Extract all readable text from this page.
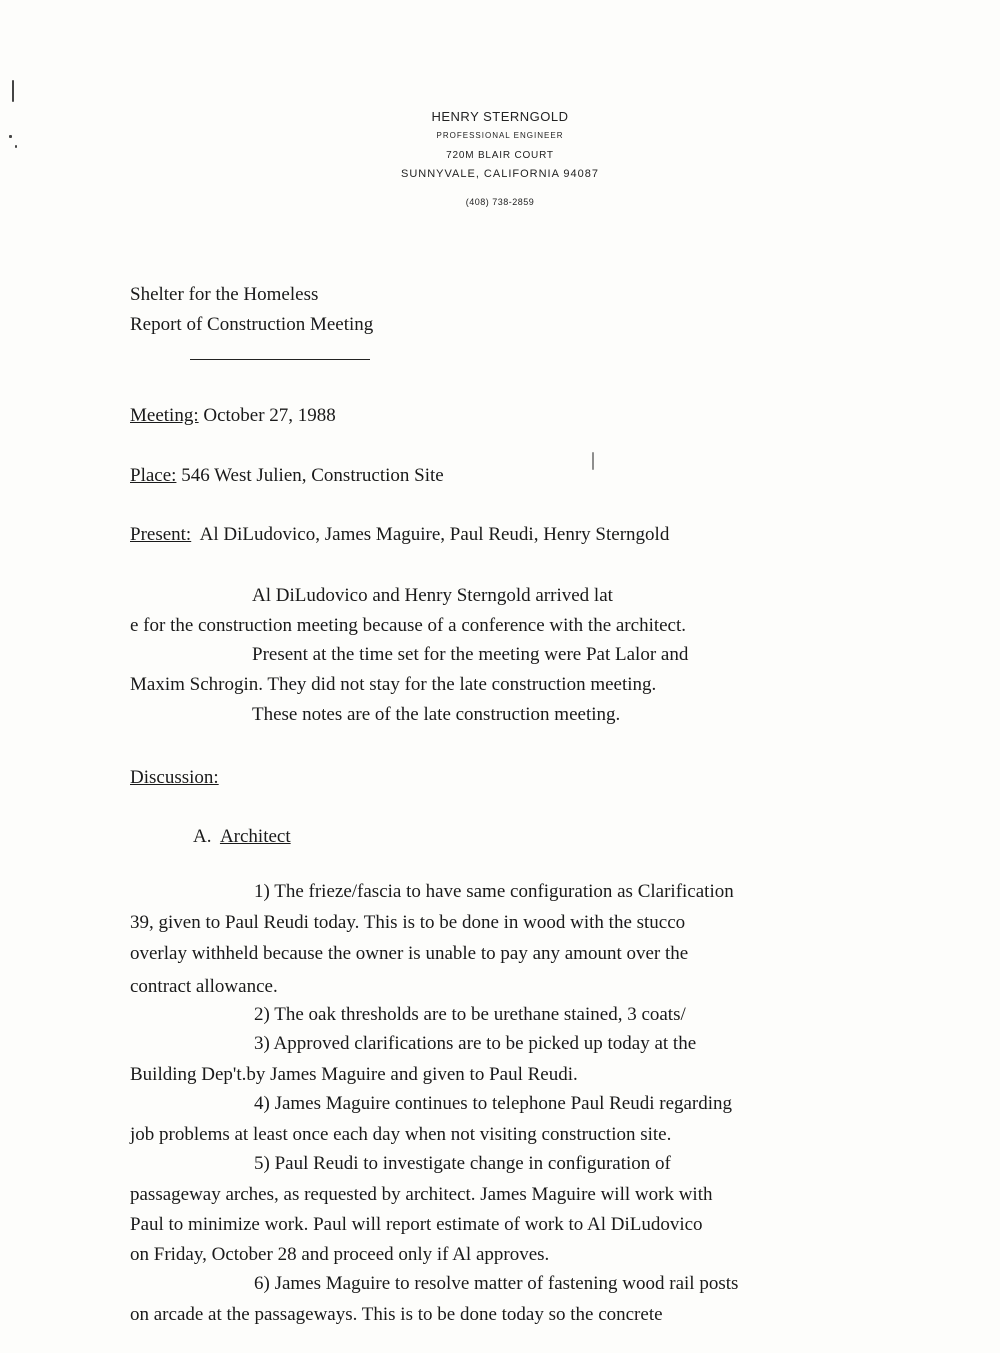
HENRY STERNGOLD
PROFESSIONAL ENGINEER
720M BLAIR COURT
SUNNYVALE, CALIFORNIA 94087
(408) 738-2859

Shelter for the Homeless

Report of Construction Meeting

Meeting: October 27, 1988

Place: 546 West Julien, Construction Site

Present: Al DiLudovico, James Maguire, Paul Reudi, Henry Sterngold

Al DiLudovico and Henry Sterngold arrived lat

e for the construction meeting because of a conference with the architect.

Present at the time set for the meeting were Pat Lalor and

Maxim Schrogin. They did not stay for the late construction meeting.

These notes are of the late construction meeting.

Discussion:

A. Architect

1) The frieze/fascia to have same configuration as Clarification

39, given to Paul Reudi today. This is to be done in wood with the stucco

overlay withheld because the owner is unable to pay any amount over the

contract allowance.

2) The oak thresholds are to be urethane stained, 3 coats/

3) Approved clarifications are to be picked up today at the

Building Dep't.by James Maguire and given to Paul Reudi.

4) James Maguire continues to telephone Paul Reudi regarding

job problems at least once each day when not visiting construction site.

5) Paul Reudi to investigate change in configuration of

passageway arches, as requested by architect. James Maguire will work with

Paul to minimize work. Paul will report estimate of work to Al DiLudovico

on Friday, October 28 and proceed only if Al approves.

6) James Maguire to resolve matter of fastening wood rail posts

on arcade at the passageways. This is to be done today so the concrete
